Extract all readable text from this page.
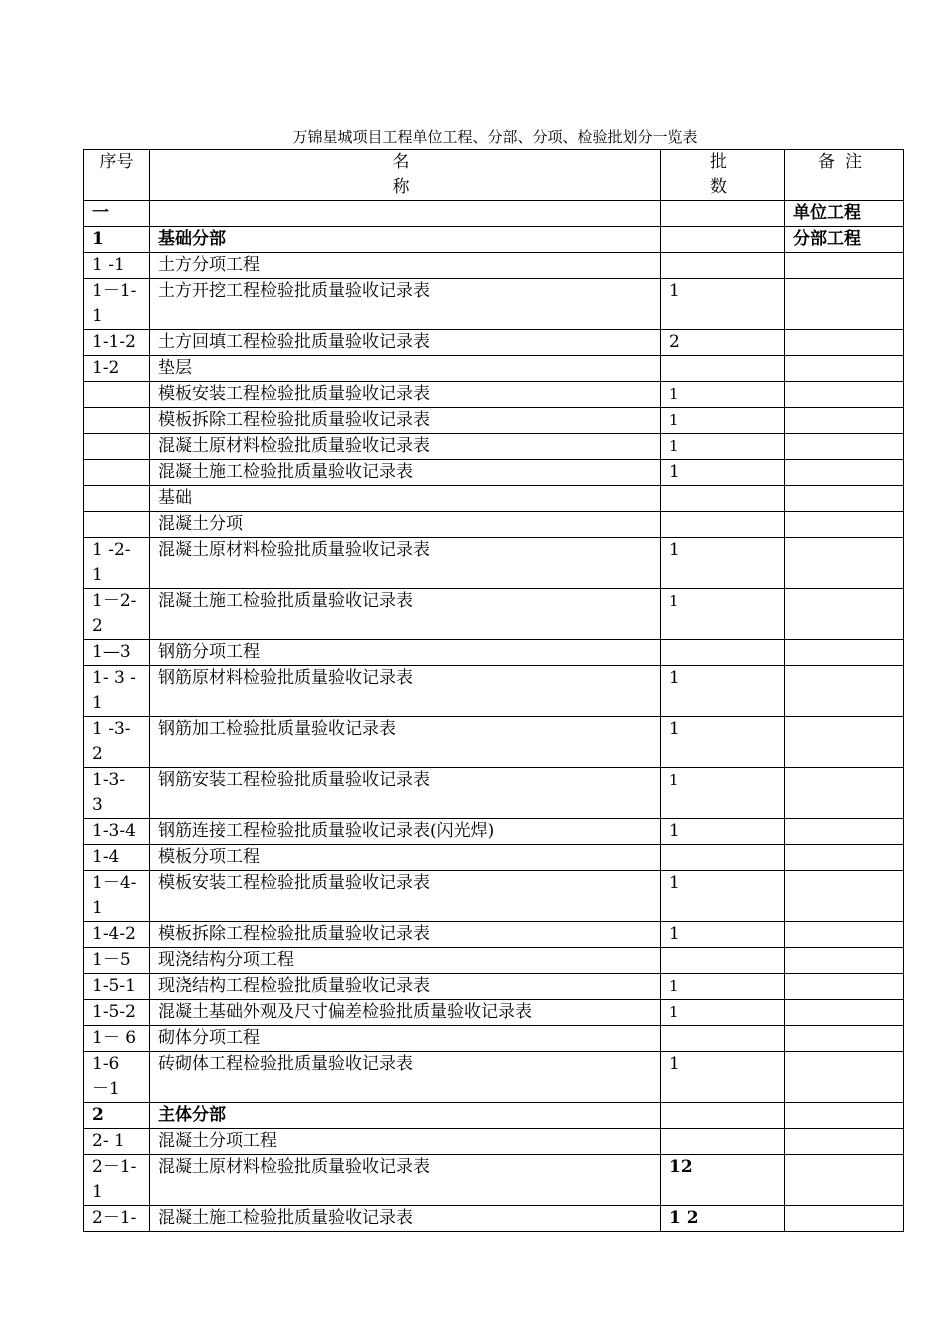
万锦星城项目工程单位工程、分部、分项、检验批划分一览表
序号	名 称	批 数	备注
一			单位工程
1	基础分部		分部工程
1 -1	土方分项工程		
1－1-1	土方开挖工程检验批质量验收记录表	1	
1-1-2	土方回填工程检验批质量验收记录表	2	
1-2	垫层		
	模板安装工程检验批质量验收记录表	1	
	模板拆除工程检验批质量验收记录表	1	
	混凝土原材料检验批质量验收记录表	1	
	混凝土施工检验批质量验收记录表	1	
	基础		
	混凝土分项		
1 -2-1	混凝土原材料检验批质量验收记录表	1	
1－2-2	混凝土施工检验批质量验收记录表	1	
1—3	钢筋分项工程		
1- 3 -1	钢筋原材料检验批质量验收记录表	1	
1 -3-2	钢筋加工检验批质量验收记录表	1	
1-3- 3	钢筋安装工程检验批质量验收记录表	1	
1-3-4	钢筋连接工程检验批质量验收记录表(闪光焊)	1	
1-4	模板分项工程		
1－4-1	模板安装工程检验批质量验收记录表	1	
1-4-2	模板拆除工程检验批质量验收记录表	1	
1－5	现浇结构分项工程		
1-5-1	现浇结构工程检验批质量验收记录表	1	
1-5-2	混凝土基础外观及尺寸偏差检验批质量验收记录表	1	
1－ 6	砌体分项工程		
1-6 －1	砖砌体工程检验批质量验收记录表	1	
2	主体分部		
2- 1	混凝土分项工程		
2－1-1	混凝土原材料检验批质量验收记录表	12	
2－1-	混凝土施工检验批质量验收记录表	1 2	
